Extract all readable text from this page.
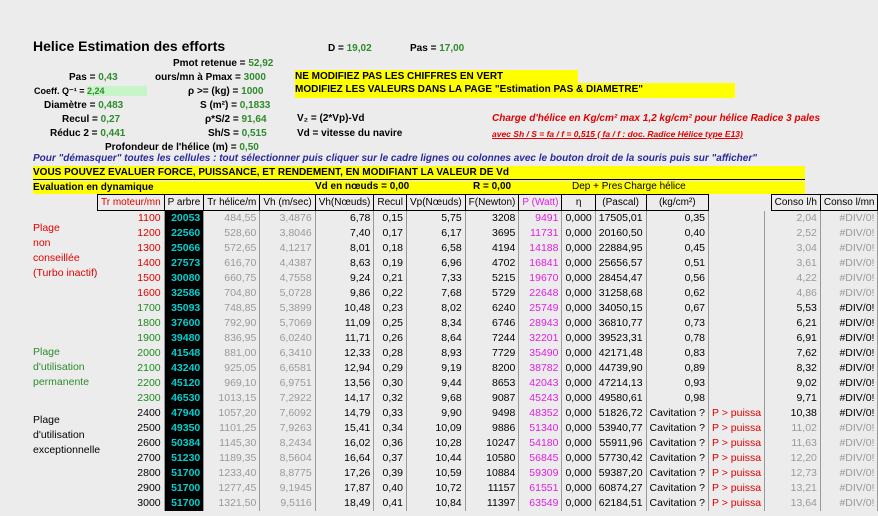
Helice Estimation des efforts	D = 19,02	Pas = 17,00
Pmot retenue = 52,92
ours/mn à Pmax = 3000
ρ >= (kg) = 1000
S (m²) = 0,1833
ρ*S/2 = 91,64
Sh/S = 0,515
Profondeur de l'hélice (m) = 0,50
Pas = 0,43
Coeff. Q⁻¹ = 2,24
Diamètre = 0,483
Recul = 0,27
Réduc 2 = 0,441
NE MODIFIEZ PAS LES CHIFFRES EN VERT
MODIFIEZ LES VALEURS DANS LA PAGE "Estimation PAS & DIAMETRE"
V₂ = (2*Vp)-Vd
Vd = vitesse du navire
Charge d'hélice en Kg/cm² max 1,2 kg/cm² pour hélice Radice 3 pales
avec Sh / S = fa / f = 0,515 ( fa / f : doc. Radice Hélice type E13)
Pour "démasquer" toutes les cellules : tout sélectionner puis cliquer sur le cadre lignes ou colonnes avec le bouton droit de la souris puis sur "afficher"
VOUS POUVEZ EVALUER FORCE, PUISSANCE, ET RENDEMENT, EN MODIFIANT LA VALEUR DE Vd
Evaluation en dynamique	Vd en nœuds = 0,00	R = 0,00	Dep + Pres Charge hélice
Plage
non
conseillée
(Turbo inactif)
Plage
d'utilisation
permanente
Plage
d'utilisation
exceptionnelle
Tr moteur/mn	P arbre	Tr hélice/m	Vh (m/sec)	Vh(Nœuds)	Recul	Vp(Nœuds)	F(Newton)	P (Watt)	η	(Pascal)	(kg/cm²)			Conso l/h	Conso l/mn
1100	20053	484,55	3,4876	6,78	0,15	5,75	3208	9491	0,000	17505,01	0,35			2,04	#DIV/0!
1200	22560	528,60	3,8046	7,40	0,17	6,17	3695	11731	0,000	20160,50	0,40			2,52	#DIV/0!
1300	25066	572,65	4,1217	8,01	0,18	6,58	4194	14188	0,000	22884,95	0,45			3,04	#DIV/0!
1400	27573	616,70	4,4387	8,63	0,19	6,96	4702	16841	0,000	25656,57	0,51			3,61	#DIV/0!
1500	30080	660,75	4,7558	9,24	0,21	7,33	5215	19670	0,000	28454,47	0,56			4,22	#DIV/0!
1600	32586	704,80	5,0728	9,86	0,22	7,68	5729	22648	0,000	31258,68	0,62			4,86	#DIV/0!
1700	35093	748,85	5,3899	10,48	0,23	8,02	6240	25749	0,000	34050,15	0,67			5,53	#DIV/0!
1800	37600	792,90	5,7069	11,09	0,25	8,34	6746	28943	0,000	36810,77	0,73			6,21	#DIV/0!
1900	39480	836,95	6,0240	11,71	0,26	8,64	7244	32201	0,000	39523,31	0,78			6,91	#DIV/0!
2000	41548	881,00	6,3410	12,33	0,28	8,93	7729	35490	0,000	42171,48	0,83			7,62	#DIV/0!
2100	43240	925,05	6,6581	12,94	0,29	9,19	8200	38782	0,000	44739,90	0,89			8,32	#DIV/0!
2200	45120	969,10	6,9751	13,56	0,30	9,44	8653	42043	0,000	47214,13	0,93			9,02	#DIV/0!
2300	46530	1013,15	7,2922	14,17	0,32	9,68	9087	45243	0,000	49580,61	0,98			9,71	#DIV/0!
2400	47940	1057,20	7,6092	14,79	0,33	9,90	9498	48352	0,000	51826,72	Cavitation ?	P > puissa		10,38	#DIV/0!
2500	49350	1101,25	7,9263	15,41	0,34	10,09	9886	51340	0,000	53940,77	Cavitation ?	P > puissa		11,02	#DIV/0!
2600	50384	1145,30	8,2434	16,02	0,36	10,28	10247	54180	0,000	55911,96	Cavitation ?	P > puissa		11,63	#DIV/0!
2700	51230	1189,35	8,5604	16,64	0,37	10,44	10580	56845	0,000	57730,42	Cavitation ?	P > puissa		12,20	#DIV/0!
2800	51700	1233,40	8,8775	17,26	0,39	10,59	10884	59309	0,000	59387,20	Cavitation ?	P > puissa		12,73	#DIV/0!
2900	51700	1277,45	9,1945	17,87	0,40	10,72	11157	61551	0,000	60874,27	Cavitation ?	P > puissa		13,21	#DIV/0!
3000	51700	1321,50	9,5116	18,49	0,41	10,84	11397	63549	0,000	62184,51	Cavitation ?	P > puissa		13,64	#DIV/0!
